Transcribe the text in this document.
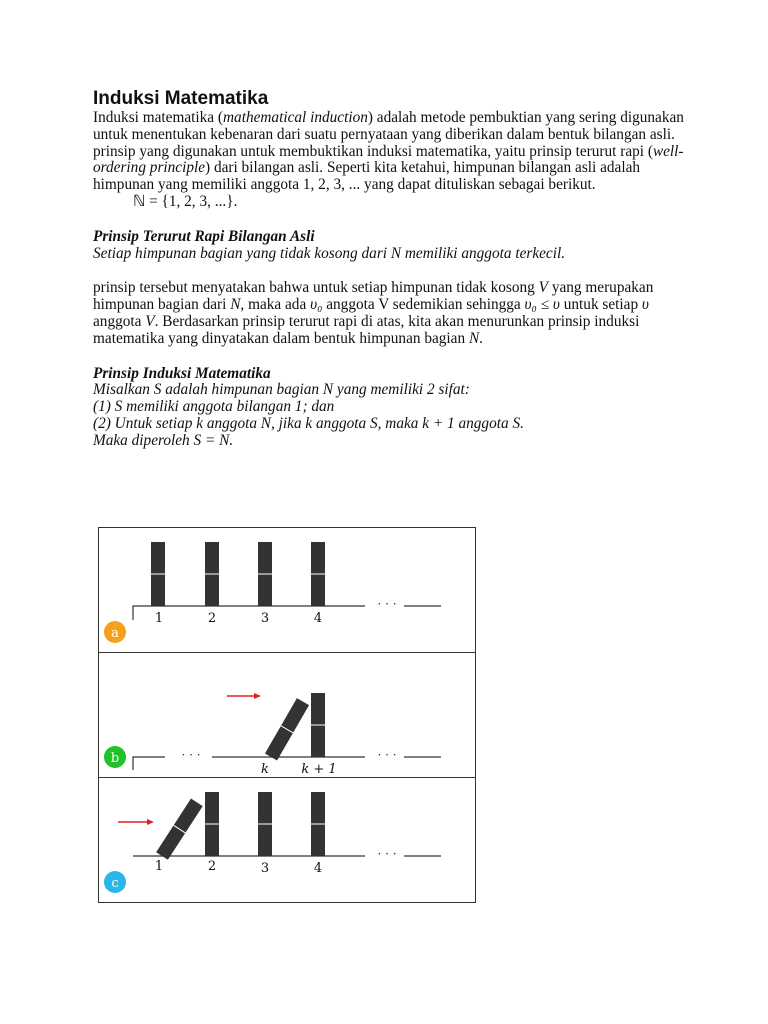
Induksi Matematika

Induksi matematika (mathematical induction) adalah metode pembuktian yang sering digunakan untuk menentukan kebenaran dari suatu pernyataan yang diberikan dalam bentuk bilangan asli.

prinsip yang digunakan untuk membuktikan induksi matematika, yaitu prinsip terurut rapi (well-ordering principle) dari bilangan asli. Seperti kita ketahui, himpunan bilangan asli adalah himpunan yang memiliki anggota 1, 2, 3, ... yang dapat dituliskan sebagai berikut.

ℕ = {1, 2, 3, ...}.

Prinsip Terurut Rapi Bilangan Asli

Setiap himpunan bagian yang tidak kosong dari N memiliki anggota terkecil.

prinsip tersebut menyatakan bahwa untuk setiap himpunan tidak kosong V yang merupakan himpunan bagian dari N, maka ada υ₀ anggota V sedemikian sehingga υ₀ ≤ υ untuk setiap υ anggota V. Berdasarkan prinsip terurut rapi di atas, kita akan menurunkan prinsip induksi matematika yang dinyatakan dalam bentuk himpunan bagian N.

Prinsip Induksi Matematika

Misalkan S adalah himpunan bagian N yang memiliki 2 sifat:

(1) S memiliki anggota bilangan 1; dan

(2) Untuk setiap k anggota N, jika k anggota S, maka k + 1 anggota S.

Maka diperoleh S = N.

· · ·
1	2	3	4
a
· · ·	· · ·
k k + 1
b
· · ·
1	2	3	4
c
